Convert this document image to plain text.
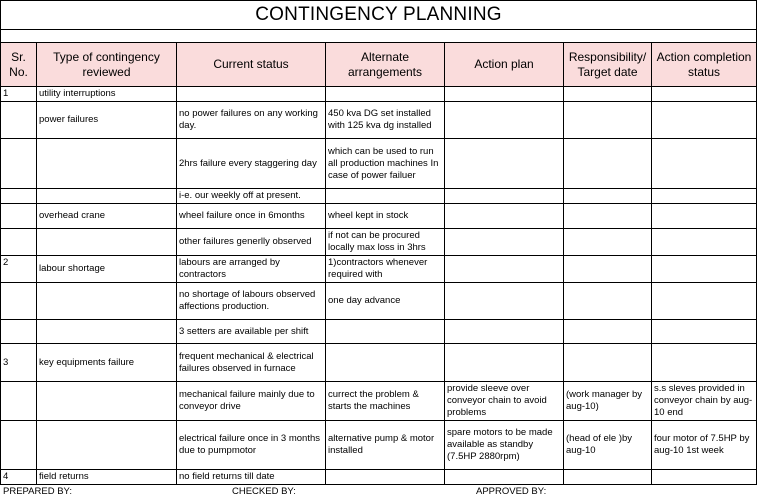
CONTINGENCY PLANNING
Sr. No.	Type of contingency reviewed	Current status	Alternate arrangements	Action plan	Responsibility/ Target date	Action completion status
1	utility interruptions					
	power failures	no power failures on any working day.	450 kva DG set installed with 125 kva dg installed			
		2hrs failure every staggering day	which can be used to run all production machines In case of power failuer			
		i-e. our weekly off at present.				
	overhead crane	wheel failure once in 6months	wheel kept in stock			
		other failures generlly observed	if not can be procured locally max loss in 3hrs			
2	labour shortage	labours are arranged by contractors	1)contractors whenever required with			
		no shortage of labours observed affections production.	one day advance			
		3 setters are available per shift				
3	key equipments failure	frequent mechanical & electrical failures observed in furnace				
		mechanical failure mainly due to conveyor drive	currect the problem & starts the machines	provide sleeve over conveyor chain to avoid problems	(work manager by aug-10)	s.s sleves provided in conveyor chain by aug-10 end
		electrical failure once in 3 months due to pumpmotor	alternative pump & motor installed	spare motors to be made available as standby (7.5HP 2880rpm)	(head of ele )by aug-10	four motor of 7.5HP by aug-10 1st week
4	field returns	no field returns till date				
PREPARED BY:	CHECKED BY:	APPROVED BY:
